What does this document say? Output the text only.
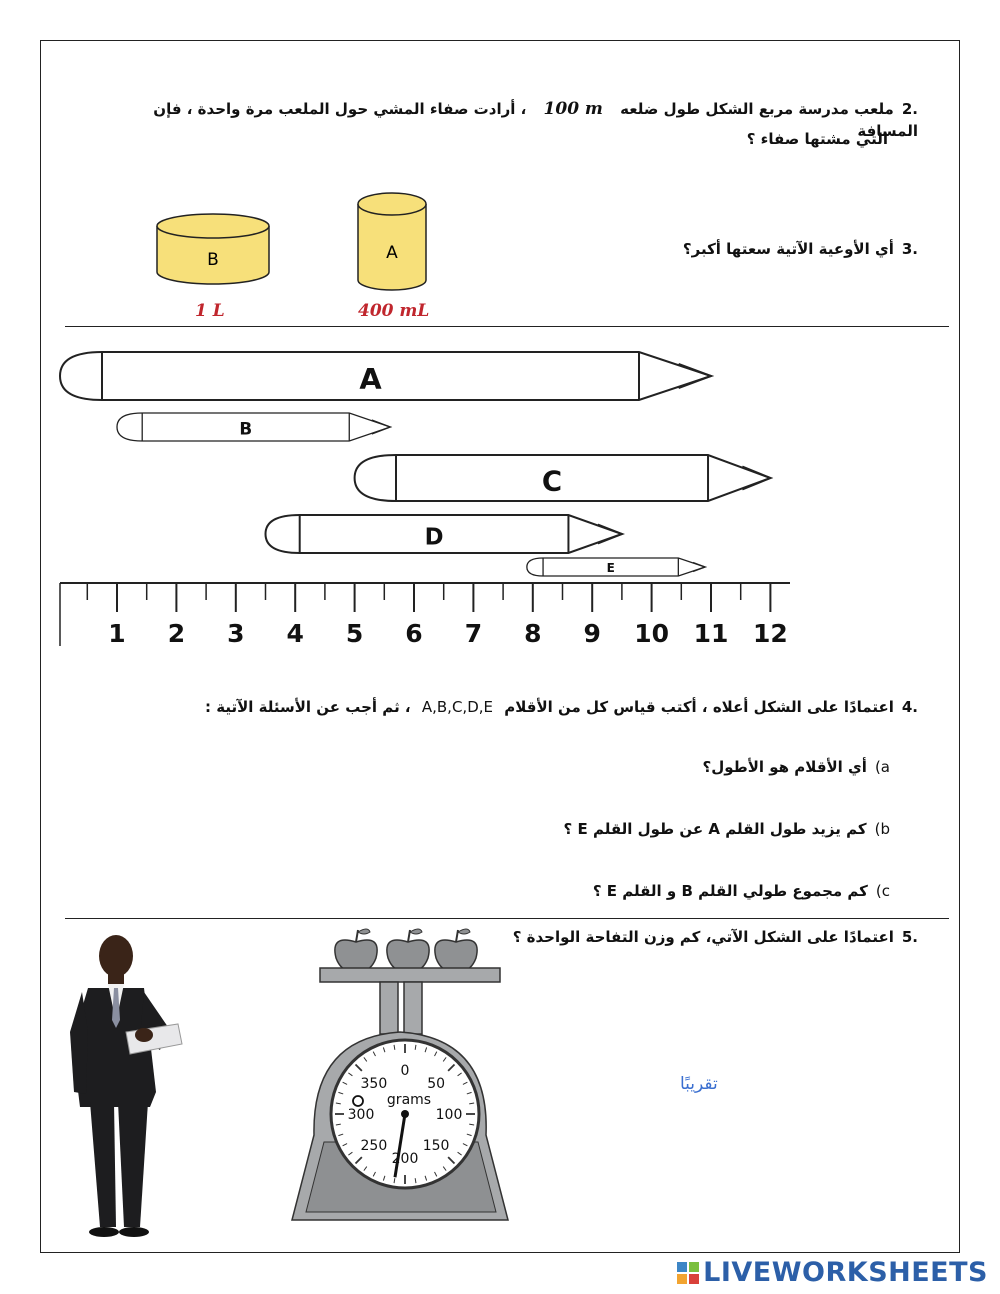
.2ملعب مدرسة مربع الشكل طول ضلعه 100 m ، أرادت صفاء المشي حول الملعب مرة واحدة ، فإن المسافة
التي مشتها صفاء ؟
.3أي الأوعية الآتية سعتها أكبر؟
B	A
1 L	400 mL
A
B
C
D
E
1 2 3 4 5 6 7 8 9 10 11 12
.4اعتمادًا على الشكل أعلاه ، أكتب قياس كل من الأقلام A,B,C,D,E ، ثم أجب عن الأسئلة الآتية :
a)أي الأقلام هو الأطول؟
b)كم يزيد طول القلم A عن طول القلم E ؟
c)كم مجموع طولي القلم B و القلم E ؟
.5اعتمادًا على الشكل الآتي، كم وزن التفاحة الواحدة ؟
تقريبًا
0
50
100
150
200
250
300
350
grams
LIVEWORKSHEETS
